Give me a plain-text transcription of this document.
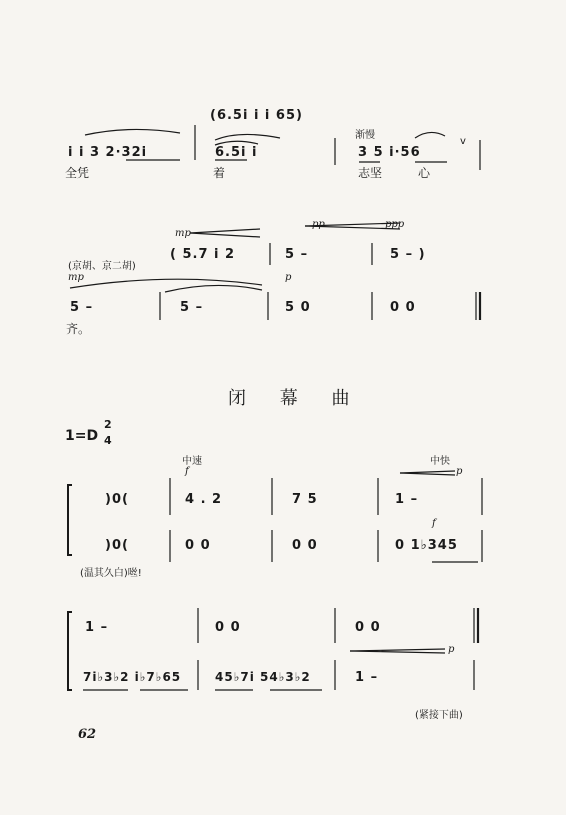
(6.5i i i 65)
渐慢
v
i i 3 2·32i	6.5i i	3 5 i·56
全凭	着	志坚	心
mp
pp	ppp
(京胡、京二胡)
( 5.7 i 2	5 –	5 – )
mp	p
5 –	5 –	5 0	0 0
齐。
闭 幕 曲
1=D
2
4
中速	中快
f	p
)0(	4 . 2	7 5	1 –
f
)0(	0 0	0 0	0 1♭345
(温其久白)咝!
1 –	0 0	0 0
p
7i♭3♭2 i♭7♭65	45♭7i 54♭3♭2	1 –
(紧接下曲)
62
